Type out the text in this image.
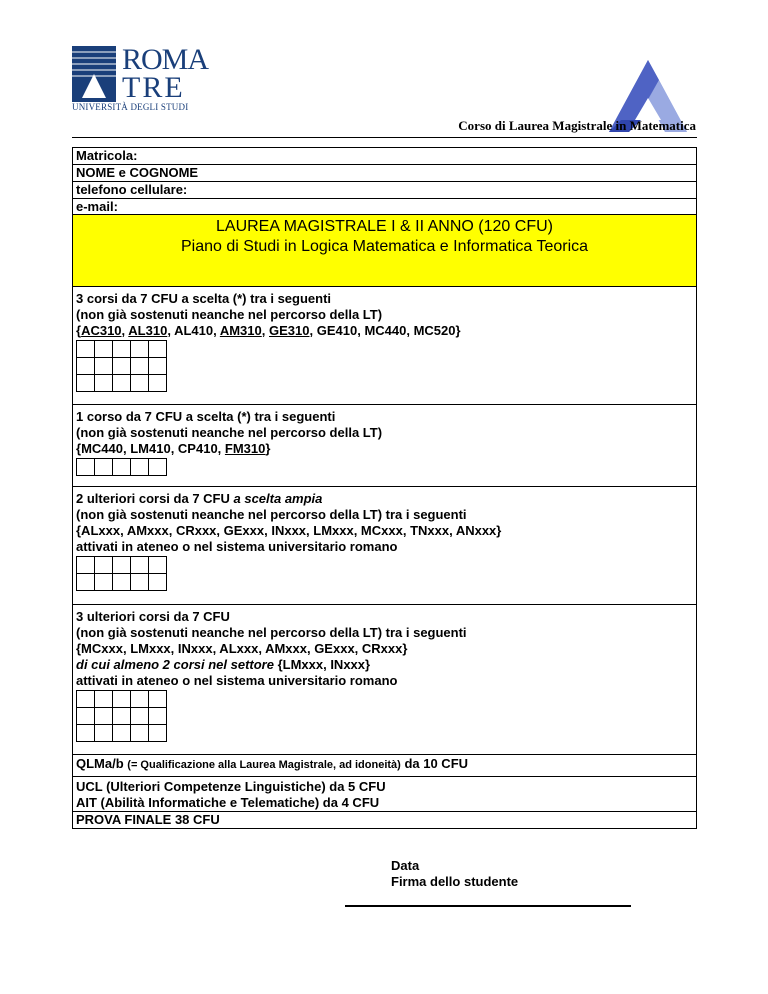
ROMA
TRE
UNIVERSITÀ DEGLI STUDI
Corso di Laurea Magistrale in Matematica
Matricola:
NOME e COGNOME
telefono cellulare:
e-mail:
LAUREA MAGISTRALE I & II ANNO (120 CFU)
Piano di Studi in Logica Matematica e Informatica Teorica
3 corsi da 7 CFU a scelta (*) tra i seguenti
(non già sostenuti neanche nel percorso della LT)
{AC310, AL310, AL410, AM310, GE310, GE410, MC440, MC520}

1 corso da 7 CFU a scelta (*) tra i seguenti
(non già sostenuti neanche nel percorso della LT)
{MC440, LM410, CP410, FM310}

2 ulteriori corsi da 7 CFU a scelta ampia
(non già sostenuti neanche nel percorso della LT) tra i seguenti
{ALxxx, AMxxx, CRxxx, GExxx, INxxx, LMxxx, MCxxx, TNxxx, ANxxx}
attivati in ateneo o nel sistema universitario romano

3 ulteriori corsi da 7 CFU
(non già sostenuti neanche nel percorso della LT) tra i seguenti
{MCxxx, LMxxx, INxxx, ALxxx, AMxxx, GExxx, CRxxx}
di cui almeno 2 corsi nel settore {LMxxx, INxxx}
attivati in ateneo o nel sistema universitario romano

QLMa/b (= Qualificazione alla Laurea Magistrale, ad idoneità) da 10 CFU
UCL (Ulteriori Competenze Linguistiche) da 5 CFU
AIT (Abilità Informatiche e Telematiche) da 4 CFU
PROVA FINALE 38 CFU
Data
Firma dello studente
